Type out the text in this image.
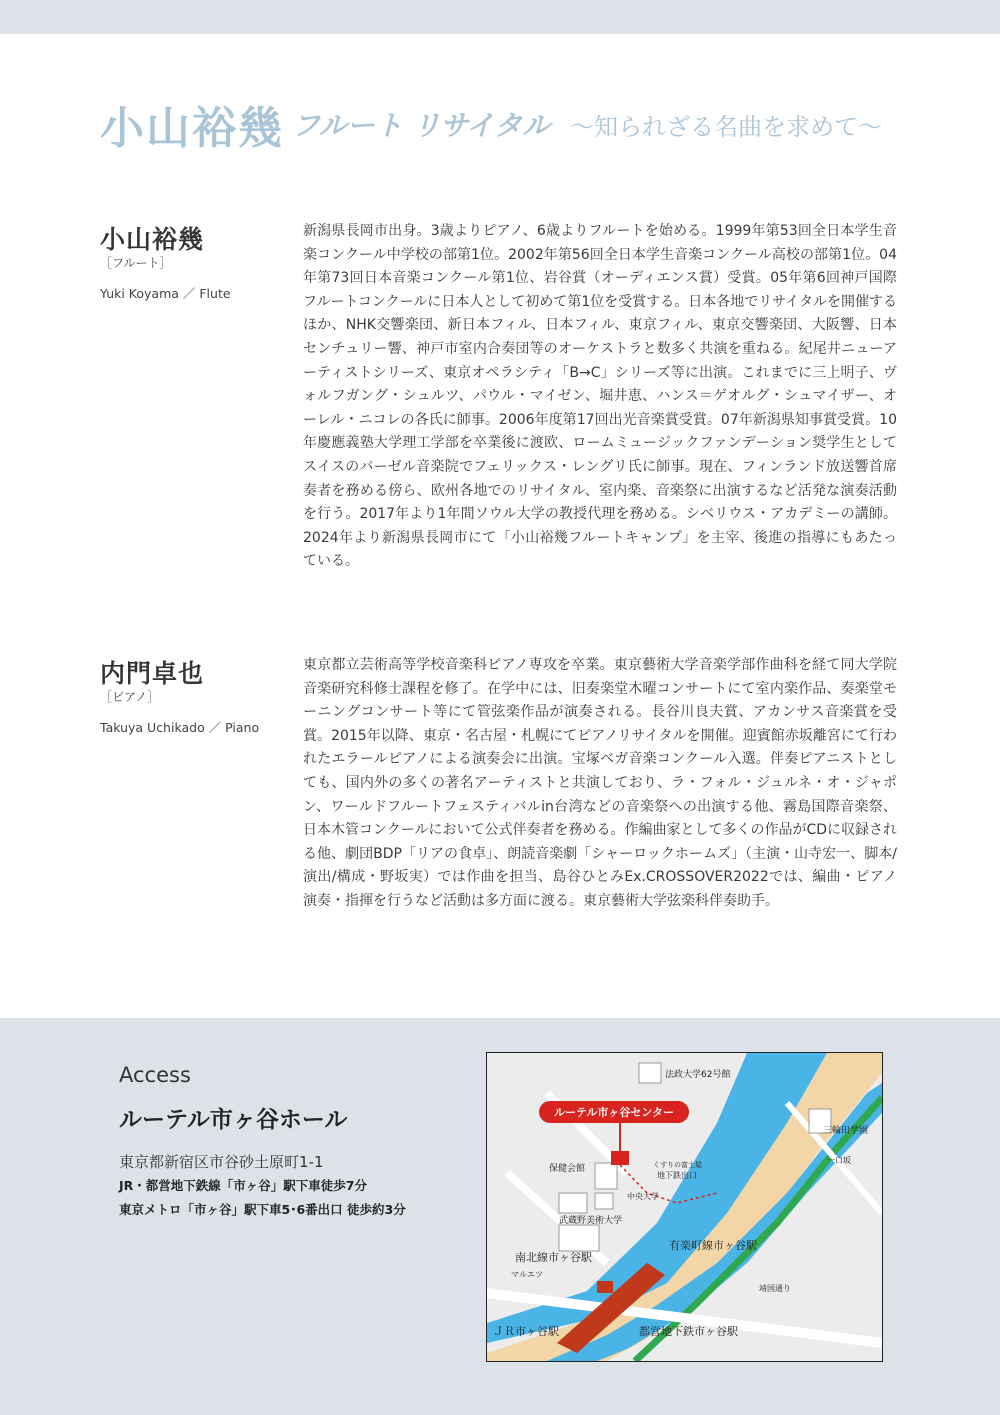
小山裕幾 フルート リサイタル 〜知られざる名曲を求めて〜
小山裕幾
［フルート］
Yuki Koyama ／ Flute
新潟県長岡市出身。3歳よりピアノ、6歳よりフルートを始める。1999年第53回全日本学生音楽コンクール中学校の部第1位。2002年第56回全日本学生音楽コンクール高校の部第1位。04年第73回日本音楽コンクール第1位、岩谷賞（オーディエンス賞）受賞。05年第6回神戸国際フルートコンクールに日本人として初めて第1位を受賞する。日本各地でリサイタルを開催するほか、NHK交響楽団、新日本フィル、日本フィル、東京フィル、東京交響楽団、大阪響、日本センチュリー響、神戸市室内合奏団等のオーケストラと数多く共演を重ねる。紀尾井ニューアーティストシリーズ、東京オペラシティ「B→C」シリーズ等に出演。これまでに三上明子、ヴォルフガング・シュルツ、パウル・マイゼン、堀井恵、ハンス＝ゲオルグ・シュマイザー、オーレル・ニコレの各氏に師事。2006年度第17回出光音楽賞受賞。07年新潟県知事賞受賞。10年慶應義塾大学理工学部を卒業後に渡欧、ロームミュージックファンデーション奨学生としてスイスのバーゼル音楽院でフェリックス・レングリ氏に師事。現在、フィンランド放送響首席奏者を務める傍ら、欧州各地でのリサイタル、室内楽、音楽祭に出演するなど活発な演奏活動を行う。2017年より1年間ソウル大学の教授代理を務める。シベリウス・アカデミーの講師。2024年より新潟県長岡市にて「小山裕幾フルートキャンプ」を主宰、後進の指導にもあたっている。
内門卓也
［ピアノ］
Takuya Uchikado ／ Piano
東京都立芸術高等学校音楽科ピアノ専攻を卒業。東京藝術大学音楽学部作曲科を経て同大学院音楽研究科修士課程を修了。在学中には、旧奏楽堂木曜コンサートにて室内楽作品、奏楽堂モーニングコンサート等にて管弦楽作品が演奏される。長谷川良夫賞、アカンサス音楽賞を受賞。2015年以降、東京・名古屋・札幌にてピアノリサイタルを開催。迎賓館赤坂離宮にて行われたエラールピアノによる演奏会に出演。宝塚ベガ音楽コンクール入選。伴奏ピアニストとしても、国内外の多くの著名アーティストと共演しており、ラ・フォル・ジュルネ・オ・ジャポン、ワールドフルートフェスティバルin台湾などの音楽祭への出演する他、霧島国際音楽祭、日本木管コンクールにおいて公式伴奏者を務める。作編曲家として多くの作品がCDに収録される他、劇団BDP「リアの食卓」、朗読音楽劇「シャーロックホームズ」（主演・山寺宏一、脚本/演出/構成・野坂実）では作曲を担当、島谷ひとみEx.CROSSOVER2022では、編曲・ピアノ演奏・指揮を行うなど活動は多方面に渡る。東京藝術大学弦楽科伴奏助手。
Access
ルーテル市ヶ谷ホール
東京都新宿区市谷砂土原町1-1
JR・都営地下鉄線「市ヶ谷」駅下車徒歩7分
東京メトロ「市ヶ谷」駅下車5･6番出口 徒歩約3分
ルーテル市ヶ谷センター
法政大学62号館
三輪田学園
保健会館	くすりの富士屋
地下鉄出口
中央大学
武蔵野美術大学
南北線市ヶ谷駅
有楽町線市ヶ谷駅
マルエツ
靖国通り
ＪＲ市ヶ谷駅	都営地下鉄市ヶ谷駅
一口坂
